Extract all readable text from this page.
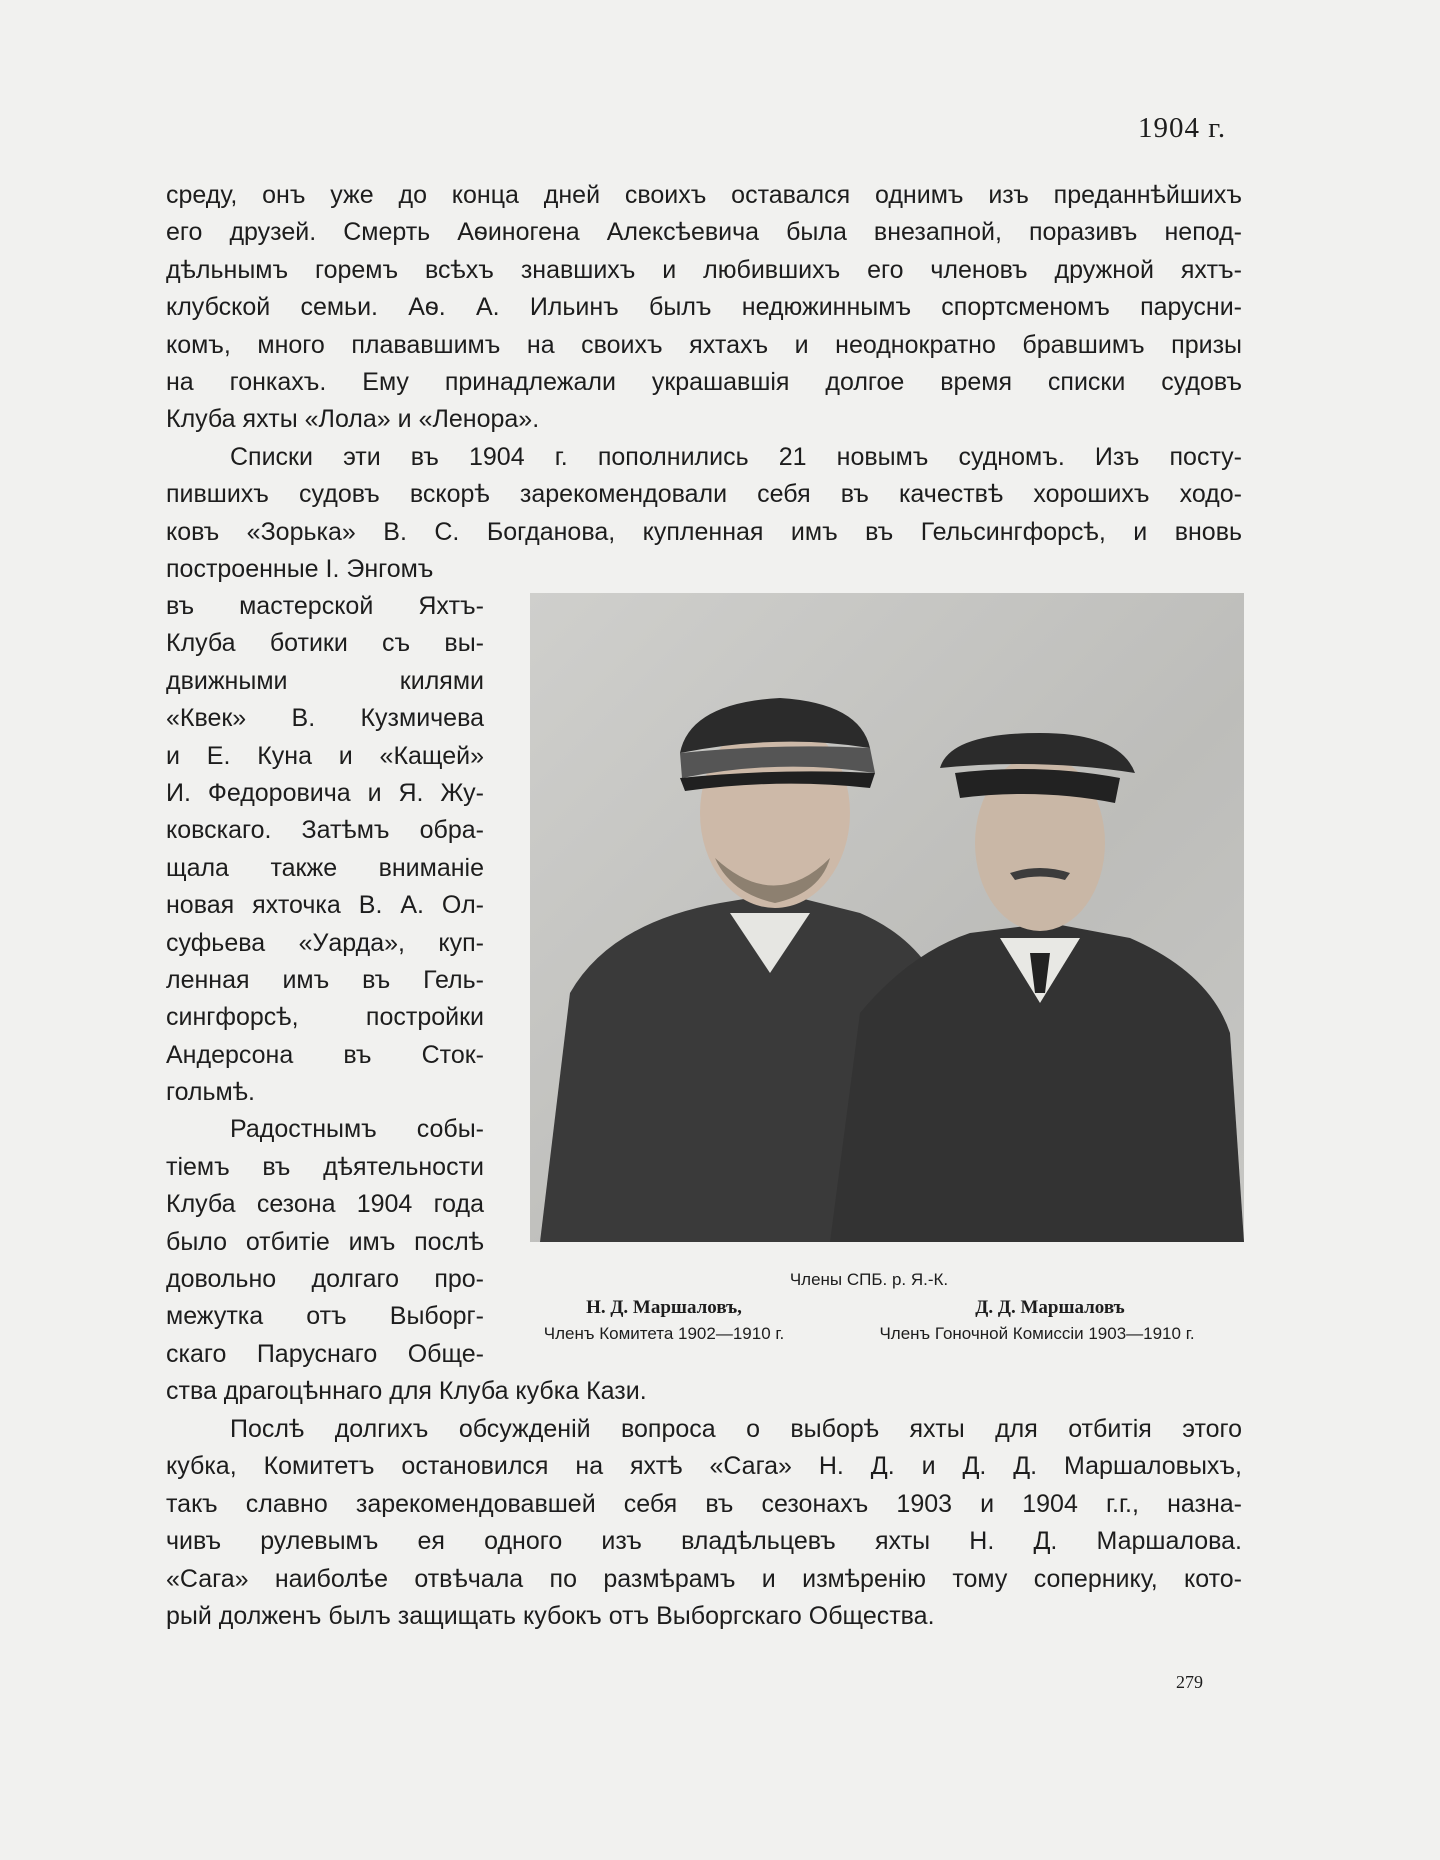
1904 г.
среду, онъ уже до конца дней своихъ оставался однимъ изъ преданнѣйшихъ
его друзей. Смерть Аѳиногена Алексѣевича была внезапной, поразивъ непод-
дѣльнымъ горемъ всѣхъ знавшихъ и любившихъ его членовъ дружной яхтъ-
клубской семьи. Аѳ. А. Ильинъ былъ недюжиннымъ спортсменомъ парусни-
комъ, много плававшимъ на своихъ яхтахъ и неоднократно бравшимъ призы
на гонкахъ. Ему принадлежали украшавшія долгое время списки судовъ
Клуба яхты «Лола» и «Ленора».
Списки эти въ 1904 г. пополнились 21 новымъ судномъ. Изъ посту-
пившихъ судовъ вскорѣ зарекомендовали себя въ качествѣ хорошихъ ходо-
ковъ «Зорька» В. С. Богданова, купленная имъ въ Гельсингфорсѣ, и вновь
построенные I. Энгомъ
въ мастерской Яхтъ-
Клуба ботики съ вы-
движными килями
«Квек» В. Кузмичева
и Е. Куна и «Кащей»
И. Федоровича и Я. Жу-
ковскаго. Затѣмъ обра-
щала также вниманіе
новая яхточка В. А. Ол-
суфьева «Уарда», куп-
ленная имъ въ Гель-
сингфорсѣ, постройки
Андерсона въ Сток-
гольмѣ.
Радостнымъ собы-
тіемъ въ дѣятельности
Клуба сезона 1904 года
было отбитіе имъ послѣ
довольно долгаго про-
межутка отъ Выборг-
скаго Паруснаго Обще-
ства драгоцѣннаго для Клуба кубка Кази.
Послѣ долгихъ обсужденій вопроса о выборѣ яхты для отбитія этого
кубка, Комитетъ остановился на яхтѣ «Сага» Н. Д. и Д. Д. Маршаловыхъ,
такъ славно зарекомендовавшей себя въ сезонахъ 1903 и 1904 г.г., назна-
чивъ рулевымъ ея одного изъ владѣльцевъ яхты Н. Д. Маршалова.
«Сага» наиболѣе отвѣчала по размѣрамъ и измѣренію тому сопернику, кото-
рый долженъ былъ защищать кубокъ отъ Выборгскаго Общества.
Члены СПБ. р. Я.-К.
Н. Д. Маршаловъ,	Д. Д. Маршаловъ
Членъ Комитета 1902—1910 г.	Членъ Гоночной Комиссіи 1903—1910 г.
279
